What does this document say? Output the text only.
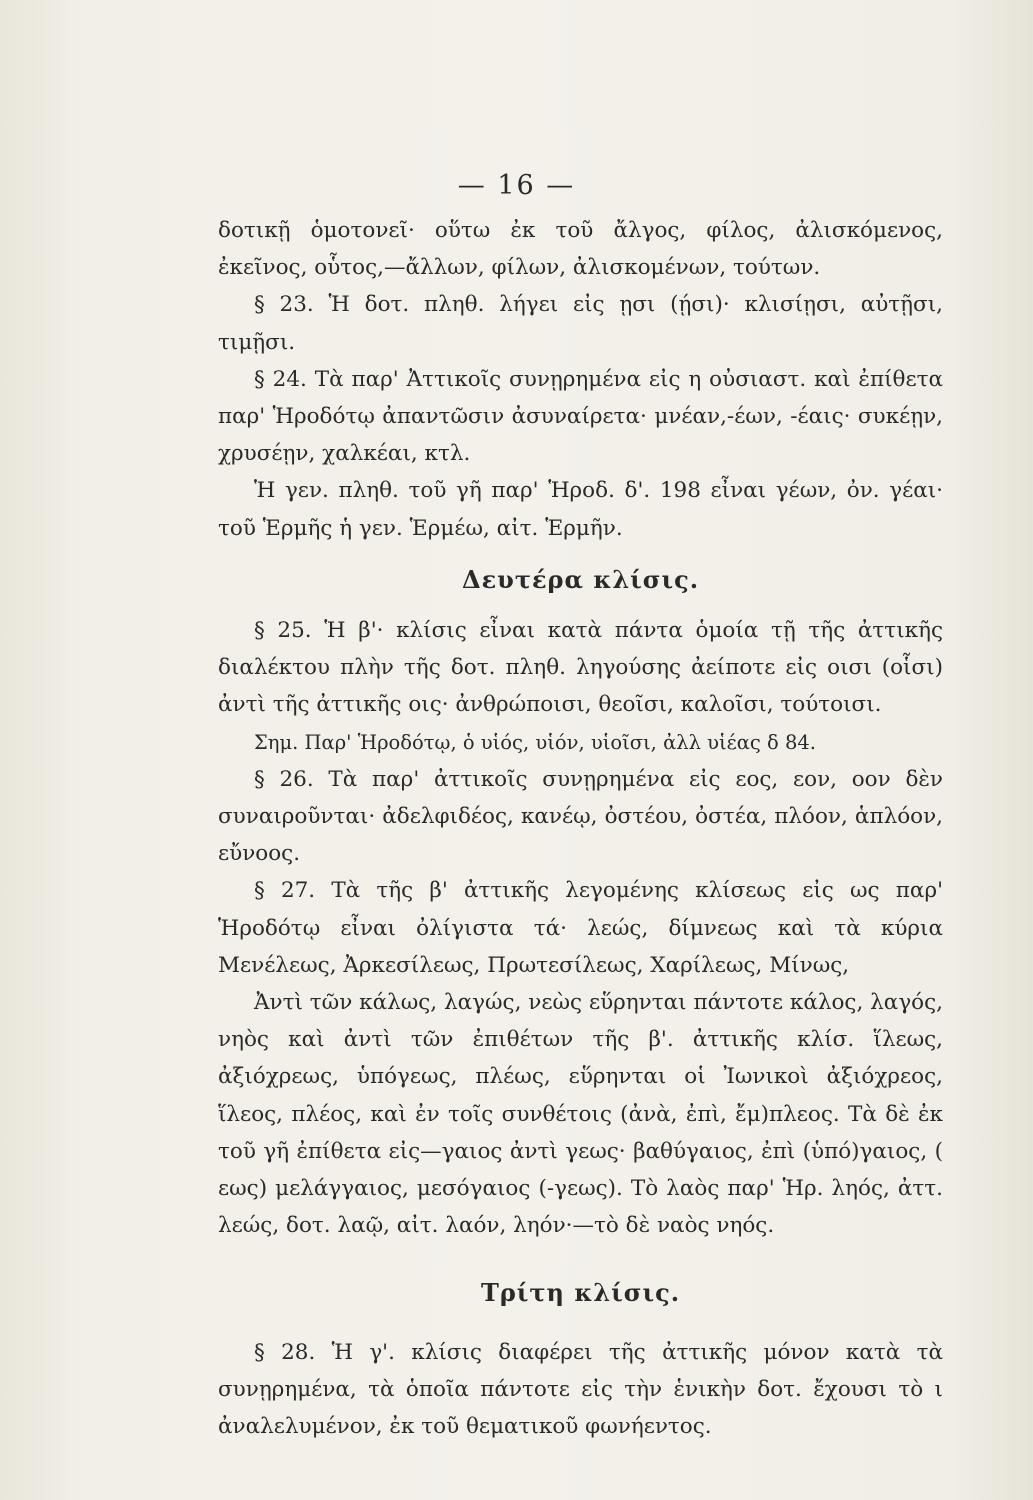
— 16 —

δοτικῇ ὁμοτονεῖ· οὕτω ἐκ τοῦ ἄλγος, φίλος, ἀλισκόμενος, ἐκεῖνος, οὗτος,—ἄλλων, φίλων, ἀλισκομένων, τούτων.

§ 23. Ἡ δοτ. πληθ. λήγει εἰς ῃσι (ῄσι)· κλισίῃσι, αὐτῇσι, τιμῇσι.

§ 24. Τὰ παρ' Ἀττικοῖς συνῃρημένα εἰς η οὐσιαστ. καὶ ἐπίθετα παρ' Ἡροδότῳ ἀπαντῶσιν ἀσυναίρετα· μνέαν,-έων, -έαις· συκέῃν, χρυσέῃν, χαλκέαι, κτλ.

Ἡ γεν. πληθ. τοῦ γῆ παρ' Ἡροδ. δ'. 198 εἶναι γέων, ὀν. γέαι· τοῦ Ἑρμῆς ἡ γεν. Ἑρμέω, αἰτ. Ἑρμῆν.

Δευτέρα κλίσις.

§ 25. Ἡ β'· κλίσις εἶναι κατὰ πάντα ὁμοία τῇ τῆς ἀττικῆς διαλέκτου πλὴν τῆς δοτ. πληθ. ληγούσης ἀείποτε εἰς οισι (οἷσι) ἀντὶ τῆς ἀττικῆς οις· ἀνθρώποισι, θεοῖσι, καλοῖσι, τούτοισι.

Σημ. Παρ' Ἡροδότῳ, ὁ υἱός, υἱόν, υἱοῖσι, ἀλλ υἱέας δ 84.

§ 26. Τὰ παρ' ἀττικοῖς συνῃρημένα εἰς εος, εον, οον δὲν συναιροῦνται· ἀδελφιδέος, κανέῳ, ὀστέου, ὀστέα, πλόον, ἁπλόον, εὔνοος.

§ 27. Τὰ τῆς β' ἀττικῆς λεγομένης κλίσεως εἰς ως παρ' Ἡροδότῳ εἶναι ὀλίγιστα τά· λεώς, δίμνεως καὶ τὰ κύρια Μενέλεως, Ἀρκεσίλεως, Πρωτεσίλεως, Χαρίλεως, Μίνως,

Ἀντὶ τῶν κάλως, λαγώς, νεὼς εὕρηνται πάντοτε κάλος, λαγός, νηὸς καὶ ἀντὶ τῶν ἐπιθέτων τῆς β'. ἀττικῆς κλίσ. ἵλεως, ἀξιόχρεως, ὑπόγεως, πλέως, εὕρηνται οἱ Ἰωνικοὶ ἀξιόχρεος, ἵλεος, πλέος, καὶ ἐν τοῖς συνθέτοις (ἀνὰ, ἐπὶ, ἔμ)πλεος. Τὰ δὲ ἐκ τοῦ γῆ ἐπίθετα εἰς—γαιος ἀντὶ γεως· βαθύγαιος, ἐπὶ (ὑπό)γαιος, ( εως) μελάγγαιος, μεσόγαιος (-γεως). Τὸ λαὸς παρ' Ἡρ. ληός, ἀττ. λεώς, δοτ. λαῷ, αἰτ. λαόν, ληόν·—τὸ δὲ ναὸς νηός.

Τρίτη κλίσις.

§ 28. Ἡ γ'. κλίσις διαφέρει τῆς ἀττικῆς μόνον κατὰ τὰ συνῃρημένα, τὰ ὁποῖα πάντοτε εἰς τὴν ἑνικὴν δοτ. ἔχουσι τὸ ι ἀναλελυμένον, ἐκ τοῦ θεματικοῦ φωνήεντος.
